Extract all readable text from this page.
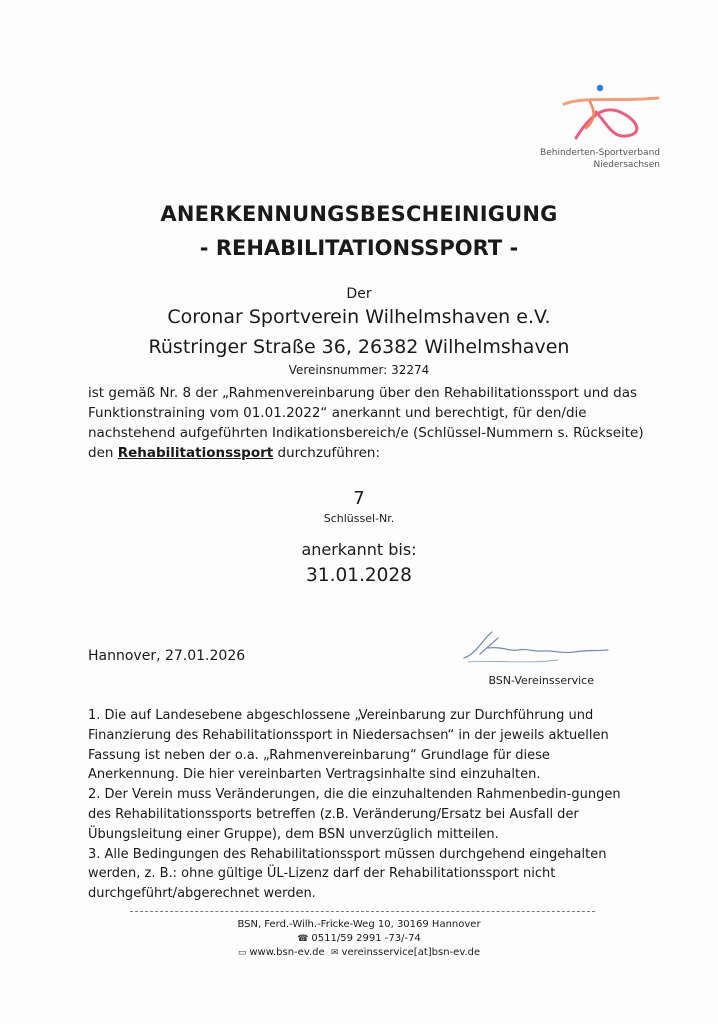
Behinderten-Sportverband
Niedersachsen
ANERKENNUNGSBESCHEINIGUNG
- REHABILITATIONSSPORT -
Der
Coronar Sportverein Wilhelmshaven e.V.
Rüstringer Straße 36, 26382 Wilhelmshaven
Vereinsnummer: 32274
ist gemäß Nr. 8 der „Rahmenvereinbarung über den Rehabilitationssport und das Funktionstraining vom 01.01.2022“ anerkannt und berechtigt, für den/die nachstehend aufgeführten Indikationsbereich/e (Schlüssel-Nummern s. Rückseite) den Rehabilitationssport durchzuführen:
7
Schlüssel-Nr.
anerkannt bis:
31.01.2028
Hannover, 27.01.2026
BSN-Vereinsservice

1. Die auf Landesebene abgeschlossene „Vereinbarung zur Durchführung und Finanzierung des Rehabilitationssport in Niedersachsen“ in der jeweils aktuellen Fassung ist neben der o.a. „Rahmenvereinbarung“ Grundlage für diese Anerkennung. Die hier vereinbarten Vertragsinhalte sind einzuhalten.

2. Der Verein muss Veränderungen, die die einzuhaltenden Rahmenbedin-gungen des Rehabilitationssports betreffen (z.B. Veränderung/Ersatz bei Ausfall der Übungsleitung einer Gruppe), dem BSN unverzüglich mitteilen.

3. Alle Bedingungen des Rehabilitationssport müssen durchgehend eingehalten werden, z. B.: ohne gültige ÜL-Lizenz darf der Rehabilitationssport nicht durchgeführt/abgerechnet werden.

BSN, Ferd.-Wilh.-Fricke-Weg 10, 30169 Hannover
☎ 0511/59 2991 -73/-74
▭ www.bsn-ev.de ✉ vereinsservice[at]bsn-ev.de
